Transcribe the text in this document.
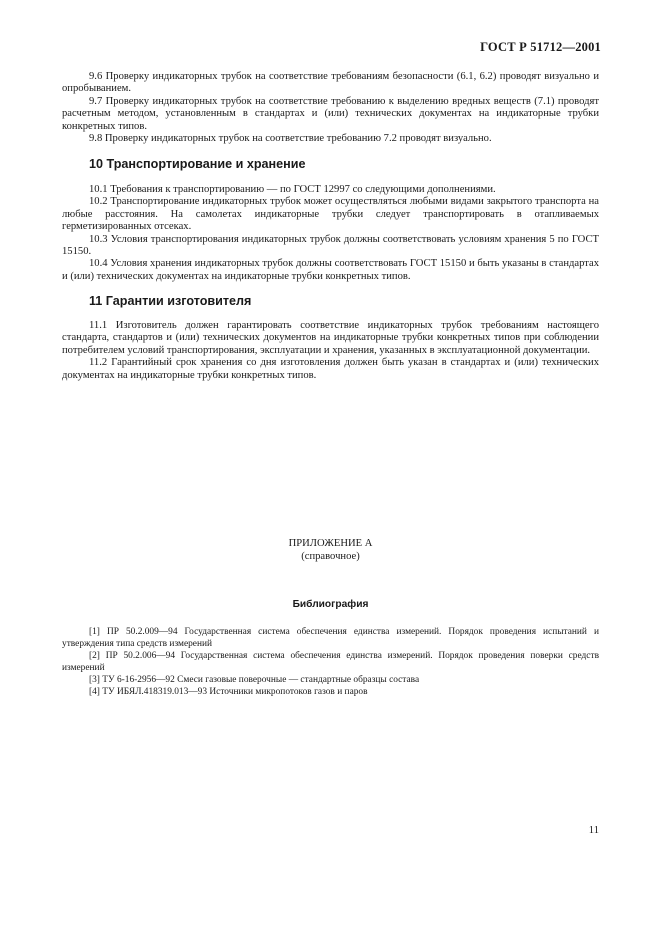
ГОСТ Р 51712—2001

9.6 Проверку индикаторных трубок на соответствие требованиям безопасности (6.1, 6.2) проводят визуально и опробыванием.

9.7 Проверку индикаторных трубок на соответствие требованию к выделению вредных веществ (7.1) проводят расчетным методом, установленным в стандартах и (или) технических документах на индикаторные трубки конкретных типов.

9.8 Проверку индикаторных трубок на соответствие требованию 7.2 проводят визуально.

10 Транспортирование и хранение

10.1 Требования к транспортированию — по ГОСТ 12997 со следующими дополнениями.

10.2 Транспортирование индикаторных трубок может осуществляться любыми видами закрытого транспорта на любые расстояния. На самолетах индикаторные трубки следует транспортировать в отапливаемых герметизированных отсеках.

10.3 Условия транспортирования индикаторных трубок должны соответствовать условиям хранения 5 по ГОСТ 15150.

10.4 Условия хранения индикаторных трубок должны соответствовать ГОСТ 15150 и быть указаны в стандартах и (или) технических документах на индикаторные трубки конкретных типов.

11 Гарантии изготовителя

11.1 Изготовитель должен гарантировать соответствие индикаторных трубок требованиям настоящего стандарта, стандартов и (или) технических документов на индикаторные трубки конкретных типов при соблюдении потребителем условий транспортирования, эксплуатации и хранения, указанных в эксплуатационной документации.

11.2 Гарантийный срок хранения со дня изготовления должен быть указан в стандартах и (или) технических документах на индикаторные трубки конкретных типов.

ПРИЛОЖЕНИЕ А
(справочное)
Библиография

[1] ПР 50.2.009—94 Государственная система обеспечения единства измерений. Порядок проведения испытаний и утверждения типа средств измерений

[2] ПР 50.2.006—94 Государственная система обеспечения единства измерений. Порядок проведения поверки средств измерений

[3] ТУ 6-16-2956—92 Смеси газовые поверочные — стандартные образцы состава

[4] ТУ ИБЯЛ.418319.013—93 Источники микропотоков газов и паров

11
